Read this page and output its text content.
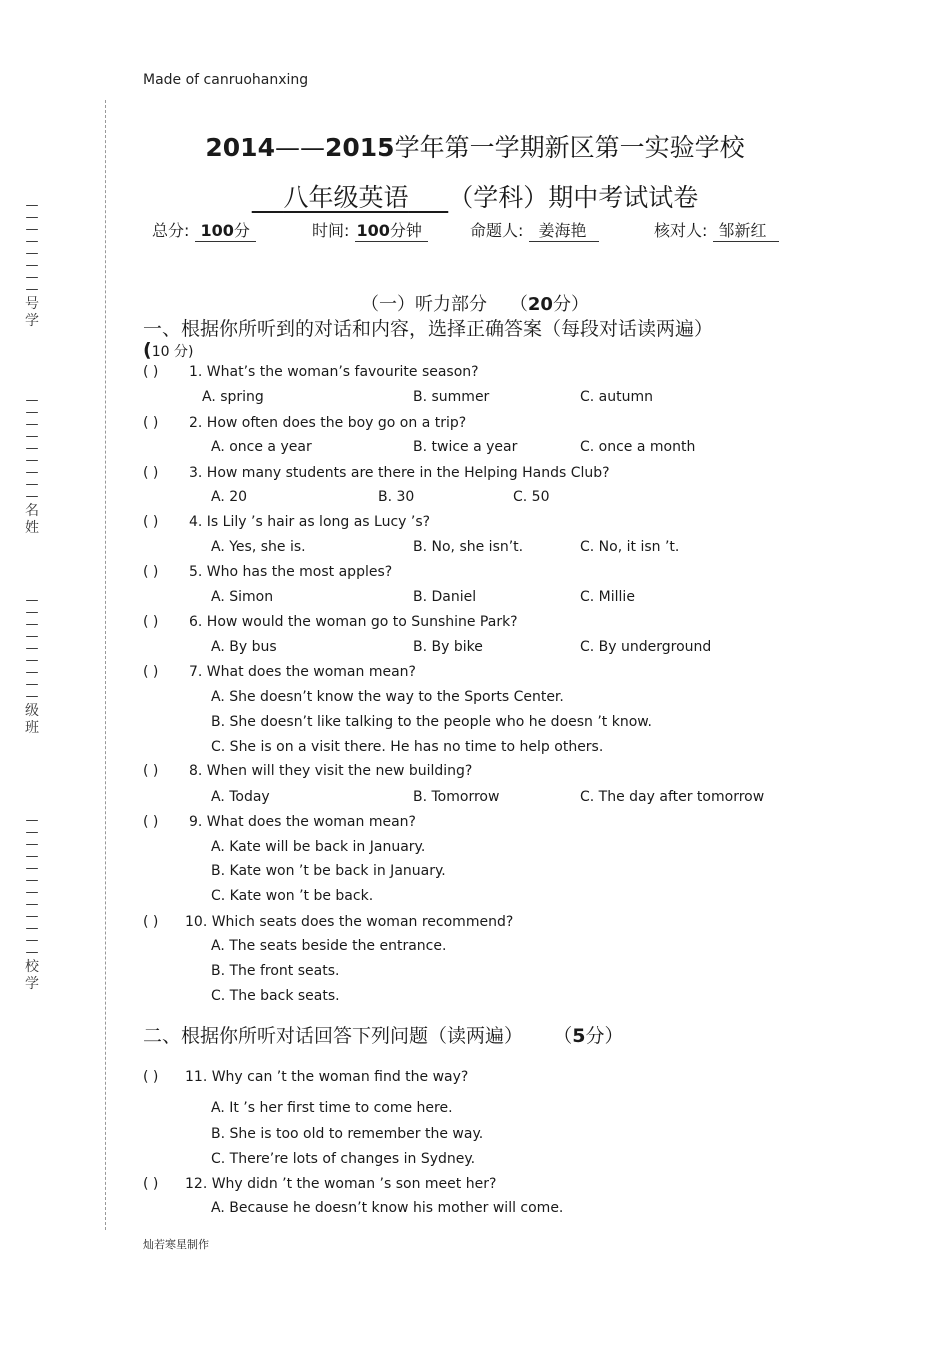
Made of canruohanxing
—
—
—
—
—
—
—
—
号学
—
—
—
—
—
—
—
—
—
名姓
—
—
—
—
—
—
—
—
—
级班
—
—
—
—
—
—
—
—
—
—
—
—
校学
2014——2015学年第一学期新区第一实验学校
八年级英语 （学科）期中考试试卷
总分: 100分	时间: 100分钟	命题人: 姜海艳	核对人: 邹新红
（一）听力部分 （20分）
一、根据你所听到的对话和内容，选择正确答案（每段对话读两遍）
(10 分)
( ) 1. What’s the woman’s favourite season?
A. spring	B. summer	C. autumn
( ) 2. How often does the boy go on a trip?
A. once a year	B. twice a year	C. once a month
( ) 3. How many students are there in the Helping Hands Club?
A. 20	B. 30	C. 50
( ) 4. Is Lily ’s hair as long as Lucy ’s?
A. Yes, she is.	B. No, she isn’t.	C. No, it isn ’t.
( ) 5. Who has the most apples?
A. Simon	B. Daniel	C. Millie
( ) 6. How would the woman go to Sunshine Park?
A. By bus	B. By bike	C. By underground
( ) 7. What does the woman mean?
A. She doesn’t know the way to the Sports Center.
B. She doesn’t like talking to the people who he doesn ’t know.
C. She is on a visit there. He has no time to help others.
( ) 8. When will they visit the new building?
A. Today	B. Tomorrow	C. The day after tomorrow
( ) 9. What does the woman mean?
A. Kate will be back in January.
B. Kate won ’t be back in January.
C. Kate won ’t be back.
( ) 10. Which seats does the woman recommend?
A. The seats beside the entrance.
B. The front seats.
C. The back seats.
二、根据你所听对话回答下列问题（读两遍） （5分）
( ) 11. Why can ’t the woman find the way?
A. It ’s her first time to come here.
B. She is too old to remember the way.
C. There’re lots of changes in Sydney.
( ) 12. Why didn ’t the woman ’s son meet her?
A. Because he doesn’t know his mother will come.
灿若寒星制作
